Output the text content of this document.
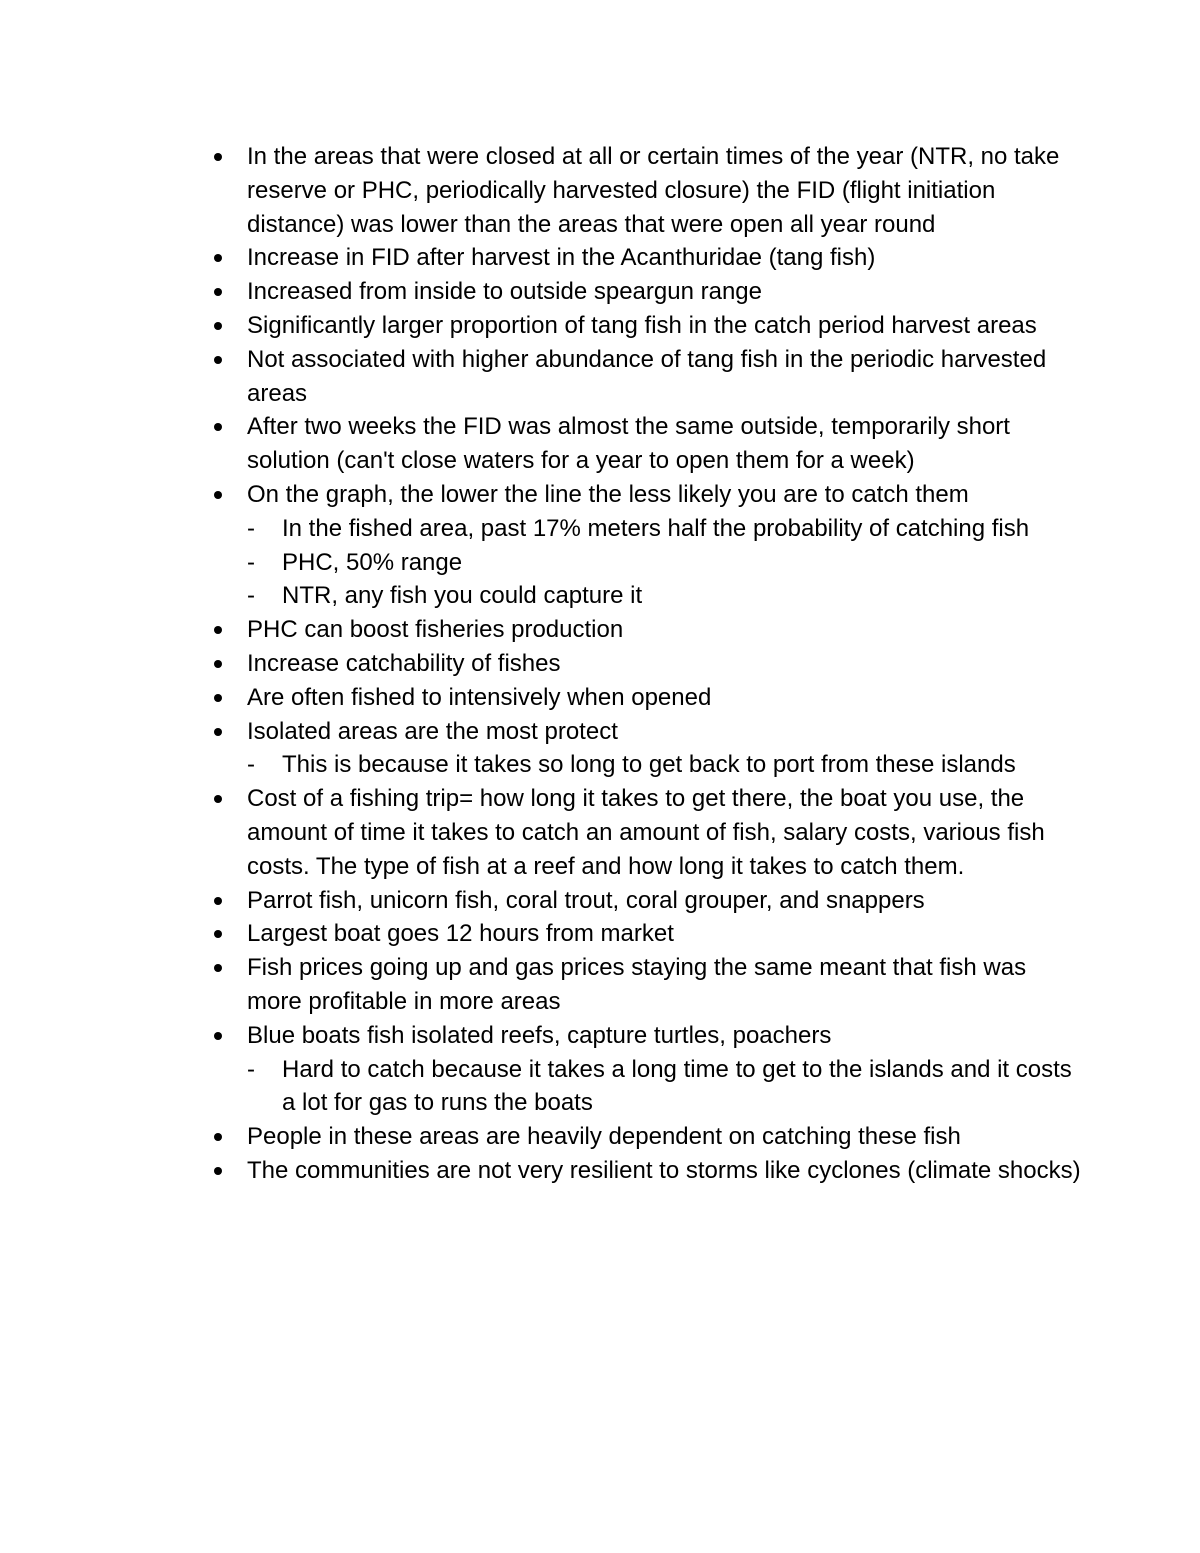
In the areas that were closed at all or certain times of the year (NTR, no take reserve or PHC, periodically harvested closure) the FID (flight initiation distance) was lower than the areas that were open all year round
Increase in FID after harvest in the Acanthuridae (tang fish)
Increased from inside to outside speargun range
Significantly larger proportion of tang fish in the catch period harvest areas
Not associated with higher abundance of tang fish in the periodic harvested areas
After two weeks the FID was almost the same outside, temporarily short solution (can't close waters for a year to open them for a week)
On the graph, the lower the line the less likely you are to catch them
-	In the fished area, past 17% meters half the probability of catching fish
-	PHC, 50% range
-	NTR, any fish you could capture it
PHC can boost fisheries production
Increase catchability of fishes
Are often fished to intensively when opened
Isolated areas are the most protect
-	This is because it takes so long to get back to port from these islands
Cost of a fishing trip= how long it takes to get there, the boat you use, the amount of time it takes to catch an amount of fish, salary costs, various fish costs. The type of fish at a reef and how long it takes to catch them.
Parrot fish, unicorn fish, coral trout, coral grouper, and snappers
Largest boat goes 12 hours from market
Fish prices going up and gas prices staying the same meant that fish was more profitable in more areas
Blue boats fish isolated reefs, capture turtles, poachers
-	Hard to catch because it takes a long time to get to the islands and it costs a lot for gas to runs the boats
People in these areas are heavily dependent on catching these fish
The communities are not very resilient to storms like cyclones (climate shocks)
